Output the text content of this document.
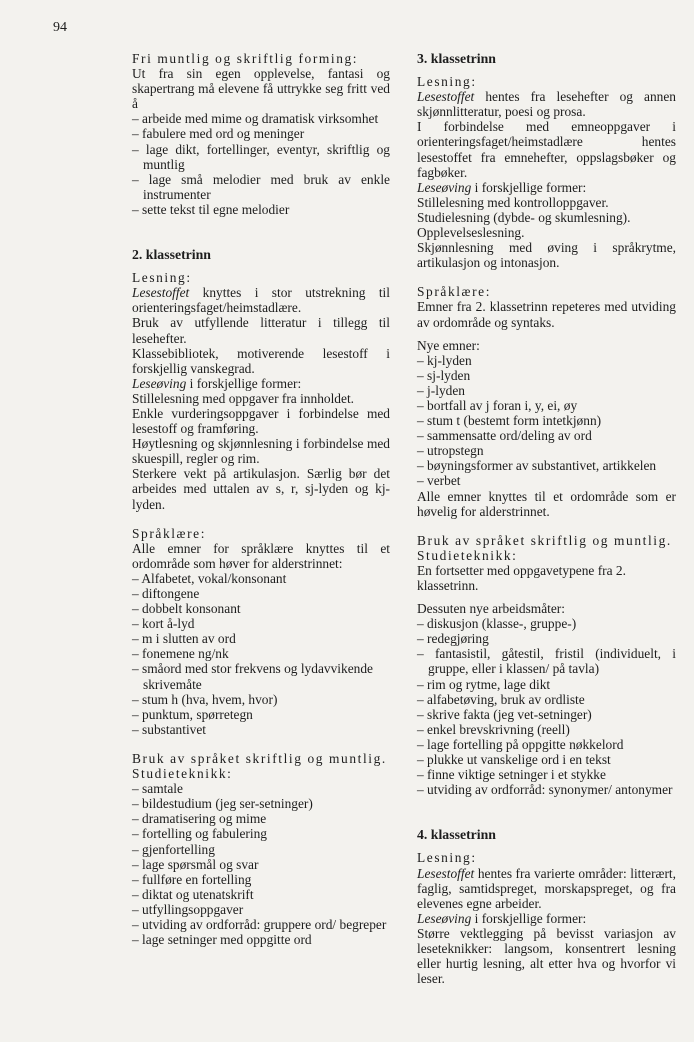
94
Fri muntlig og skriftlig forming:
Ut fra sin egen opplevelse, fantasi og skapertrang må elevene få uttrykke seg fritt ved å
– arbeide med mime og dramatisk virksomhet
– fabulere med ord og meninger
– lage dikt, fortellinger, eventyr, skriftlig og muntlig
– lage små melodier med bruk av enkle instrumenter
– sette tekst til egne melodier
2. klassetrinn
Lesning:
Lesestoffet knyttes i stor utstrekning til orienteringsfaget/heimstadlære.
Bruk av utfyllende litteratur i tillegg til lesehefter.
Klassebibliotek, motiverende lesestoff i forskjellig vanskegrad.
Leseøving i forskjellige former:
Stillelesning med oppgaver fra innholdet.
Enkle vurderingsoppgaver i forbindelse med lesestoff og framføring.
Høytlesning og skjønnlesning i forbindelse med skuespill, regler og rim.
Sterkere vekt på artikulasjon. Særlig bør det arbeides med uttalen av s, r, sj-lyden og kj-lyden.
Språklære:
Alle emner for språklære knyttes til et ordområde som høver for alderstrinnet:
– Alfabetet, vokal/konsonant
– diftongene
– dobbelt konsonant
– kort å-lyd
– m i slutten av ord
– fonemene ng/nk
– småord med stor frekvens og lydavvikende skrivemåte
– stum h (hva, hvem, hvor)
– punktum, spørretegn
– substantivet
Bruk av språket skriftlig og muntlig. Studieteknikk:
– samtale
– bildestudium (jeg ser-setninger)
– dramatisering og mime
– fortelling og fabulering
– gjenfortelling
– lage spørsmål og svar
– fullføre en fortelling
– diktat og utenatskrift
– utfyllingsoppgaver
– utviding av ordforråd: gruppere ord/ begreper
– lage setninger med oppgitte ord
3. klassetrinn
Lesning:
Lesestoffet hentes fra lesehefter og annen skjønnlitteratur, poesi og prosa.
I forbindelse med emneoppgaver i orienteringsfaget/heimstadlære hentes lesestoffet fra emnehefter, oppslagsbøker og fagbøker.
Leseøving i forskjellige former:
Stillelesning med kontrolloppgaver.
Studielesning (dybde- og skumlesning).
Opplevelseslesning.
Skjønnlesning med øving i språkrytme, artikulasjon og intonasjon.
Språklære:
Emner fra 2. klassetrinn repeteres med utviding av ordområde og syntaks.
Nye emner:
– kj-lyden
– sj-lyden
– j-lyden
– bortfall av j foran i, y, ei, øy
– stum t (bestemt form intetkjønn)
– sammensatte ord/deling av ord
– utropstegn
– bøyningsformer av substantivet, artikkelen
– verbet
Alle emner knyttes til et ordområde som er høvelig for alderstrinnet.
Bruk av språket skriftlig og muntlig. Studieteknikk:
En fortsetter med oppgavetypene fra 2. klassetrinn.
Dessuten nye arbeidsmåter:
– diskusjon (klasse-, gruppe-)
– redegjøring
– fantasistil, gåtestil, fristil (individuelt, i gruppe, eller i klassen/ på tavla)
– rim og rytme, lage dikt
– alfabetøving, bruk av ordliste
– skrive fakta (jeg vet-setninger)
– enkel brevskrivning (reell)
– lage fortelling på oppgitte nøkkelord
– plukke ut vanskelige ord i en tekst
– finne viktige setninger i et stykke
– utviding av ordforråd: synonymer/ antonymer
4. klassetrinn
Lesning:
Lesestoffet hentes fra varierte områder: litterært, faglig, samtidspreget, morskapspreget, og fra elevenes egne arbeider.
Leseøving i forskjellige former:
Større vektlegging på bevisst variasjon av leseteknikker: langsom, konsentrert lesning eller hurtig lesning, alt etter hva og hvorfor vi leser.
